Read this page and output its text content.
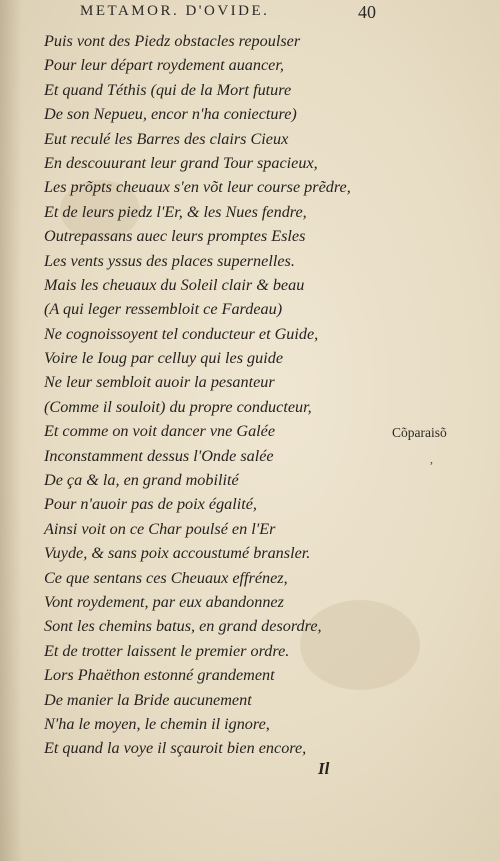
METAMOR. D'OVIDE.	40
Puis vont des Piedz obstacles repoulser
Pour leur départ roydement auancer,
Et quand Téthis (qui de la Mort future
De son Nepueu, encor n'ha coniecture)
Eut reculé les Barres des clairs Cieux
En descouurant leur grand Tour spacieux,
Les prõpts cheuaux s'en võt leur course prẽdre,
Et de leurs piedz l'Er, & les Nues fendre,
Outrepassans auec leurs promptes Esles
Les vents yssus des places supernelles.
Mais les cheuaux du Soleil clair & beau
(A qui leger ressembloit ce Fardeau)
Ne cognoissoyent tel conducteur et Guide,
Voire le Ioug par celluy qui les guide
Ne leur sembloit auoir la pesanteur
(Comme il souloit) du propre conducteur,
Et comme on voit dancer vne Galée
Inconstamment dessus l'Onde salée
De ça & la, en grand mobilité
Pour n'auoir pas de poix égalité,
Ainsi voit on ce Char poulsé en l'Er
Vuyde, & sans poix accoustumé bransler.
Ce que sentans ces Cheuaux effrénez,
Vont roydement, par eux abandonnez
Sont les chemins batus, en grand desordre,
Et de trotter laissent le premier ordre.
Lors Phaëthon estonné grandement
De manier la Bride aucunement
N'ha le moyen, le chemin il ignore,
Et quand la voye il sçauroit bien encore,
Cõparaisõ
,
Il
